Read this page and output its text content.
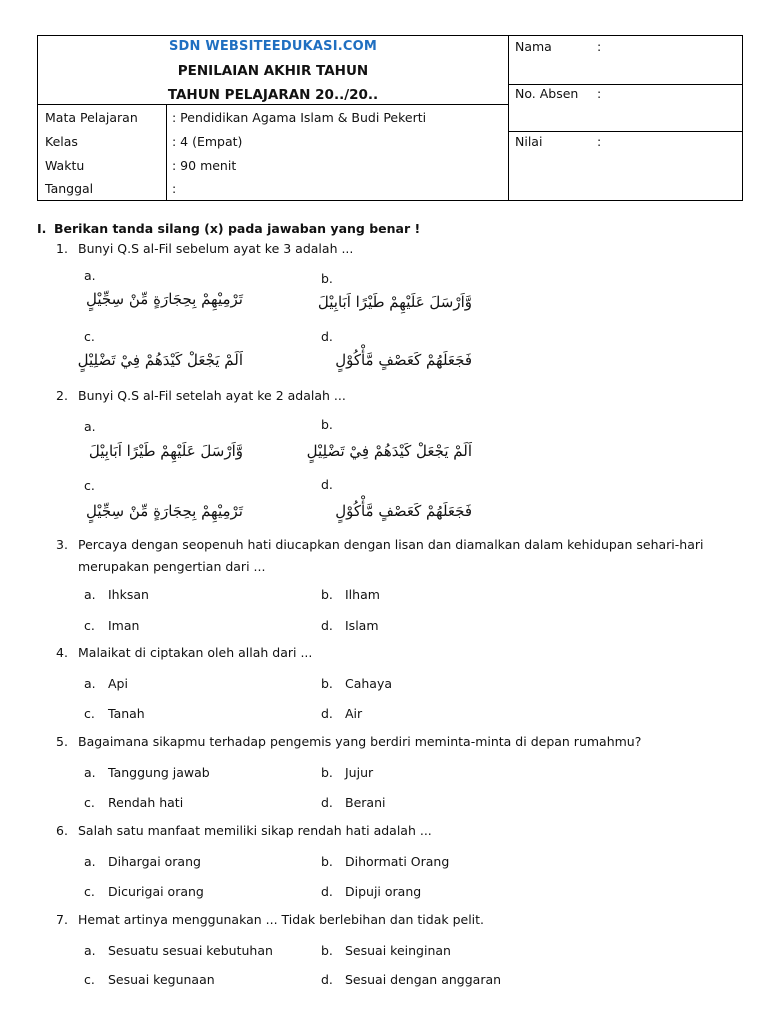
SDN WEBSITEEDUKASI.COM
PENILAIAN AKHIR TAHUN
TAHUN PELAJARAN 20../20..
Mata Pelajaran	: Pendidikan Agama Islam & Budi Pekerti
Kelas	: 4 (Empat)
Waktu	: 90 menit
Tanggal	:
Nama	:
No. Absen :
Nilai	:
I. Berikan tanda silang (x) pada jawaban yang benar !
1. Bunyi Q.S al-Fil sebelum ayat ke 3 adalah ...
a.
تَرْمِيْهِمْ بِحِجَارَةٍ مِّنْ سِجِّيْلٍ
b.
وَّاَرْسَلَ عَلَيْهِمْ طَيْرًا اَبَابِيْلَ
c.
اَلَمْ يَجْعَلْ كَيْدَهُمْ فِيْ تَضْلِيْلٍ
d.
فَجَعَلَهُمْ كَعَصْفٍ مَّأْكُوْلٍ
2. Bunyi Q.S al-Fil setelah ayat ke 2 adalah ...
a.
وَّاَرْسَلَ عَلَيْهِمْ طَيْرًا اَبَابِيْلَ
b.
اَلَمْ يَجْعَلْ كَيْدَهُمْ فِيْ تَضْلِيْلٍ
c.
تَرْمِيْهِمْ بِحِجَارَةٍ مِّنْ سِجِّيْلٍ
d.
فَجَعَلَهُمْ كَعَصْفٍ مَّأْكُوْلٍ
3. Percaya dengan seopenuh hati diucapkan dengan lisan dan diamalkan dalam kehidupan sehari-hari
merupakan pengertian dari ...
a. Ihksan	b. Ilham
c. Iman	d. Islam
4. Malaikat di ciptakan oleh allah dari ...
a. Api	b. Cahaya
c. Tanah	d. Air
5. Bagaimana sikapmu terhadap pengemis yang berdiri meminta-minta di depan rumahmu?
a. Tanggung jawab	b. Jujur
c. Rendah hati	d. Berani
6. Salah satu manfaat memiliki sikap rendah hati adalah ...
a. Dihargai orang	b. Dihormati Orang
c. Dicurigai orang	d. Dipuji orang
7. Hemat artinya menggunakan ... Tidak berlebihan dan tidak pelit.
a. Sesuatu sesuai kebutuhan	b. Sesuai keinginan
c. Sesuai kegunaan	d. Sesuai dengan anggaran
